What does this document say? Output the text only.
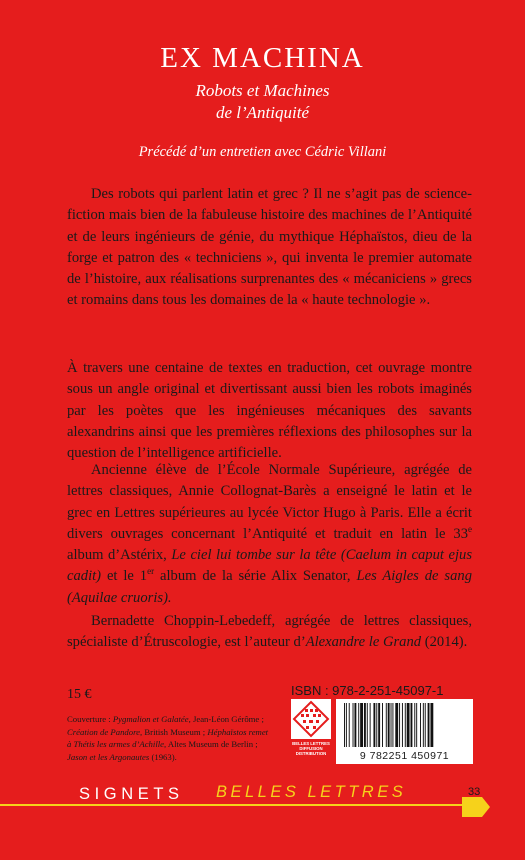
EX MACHINA
Robots et Machines
de l’Antiquité
Précédé d’un entretien avec Cédric Villani
Des robots qui parlent latin et grec ? Il ne s’agit pas de science-fiction mais bien de la fabuleuse histoire des machines de l’Antiquité et de leurs ingénieurs de génie, du mythique Héphaïstos, dieu de la forge et patron des « techniciens », qui inventa le premier automate de l’histoire, aux réalisations surprenantes des « mécaniciens » grecs et romains dans tous les domaines de la « haute technologie ».
À travers une centaine de textes en traduction, cet ouvrage montre sous un angle original et divertissant aussi bien les robots imaginés par les poètes que les ingénieuses mécaniques des savants alexandrins ainsi que les premières réflexions des philosophes sur la question de l’intelligence artificielle.
Ancienne élève de l’École Normale Supérieure, agrégée de lettres classiques, Annie Collognat-Barès a enseigné le latin et le grec en Lettres supérieures au lycée Victor Hugo à Paris. Elle a écrit divers ouvrages concernant l’Antiquité et traduit en latin le 33e album d’Astérix, Le ciel lui tombe sur la tête (Caelum in caput ejus cadit) et le 1er album de la série Alix Senator, Les Aigles de sang (Aquilae cruoris).
Bernadette Choppin-Lebedeff, agrégée de lettres classiques, spécialiste d’Étruscologie, est l’auteur d’Alexandre le Grand (2014).
15 €
Couverture : Pygmalion et Galatée, Jean-Léon Gérôme ; Création de Pandore, British Museum ; Héphaïstos remet à Thétis les armes d’Achille, Altes Museum de Berlin ; Jason et les Argonautes (1963).
ISBN : 978-2-251-45097-1
BELLES LETTRES DIFFUSION DISTRIBUTION	9 782251 450971
SIGNETS BELLES LETTRES	33
